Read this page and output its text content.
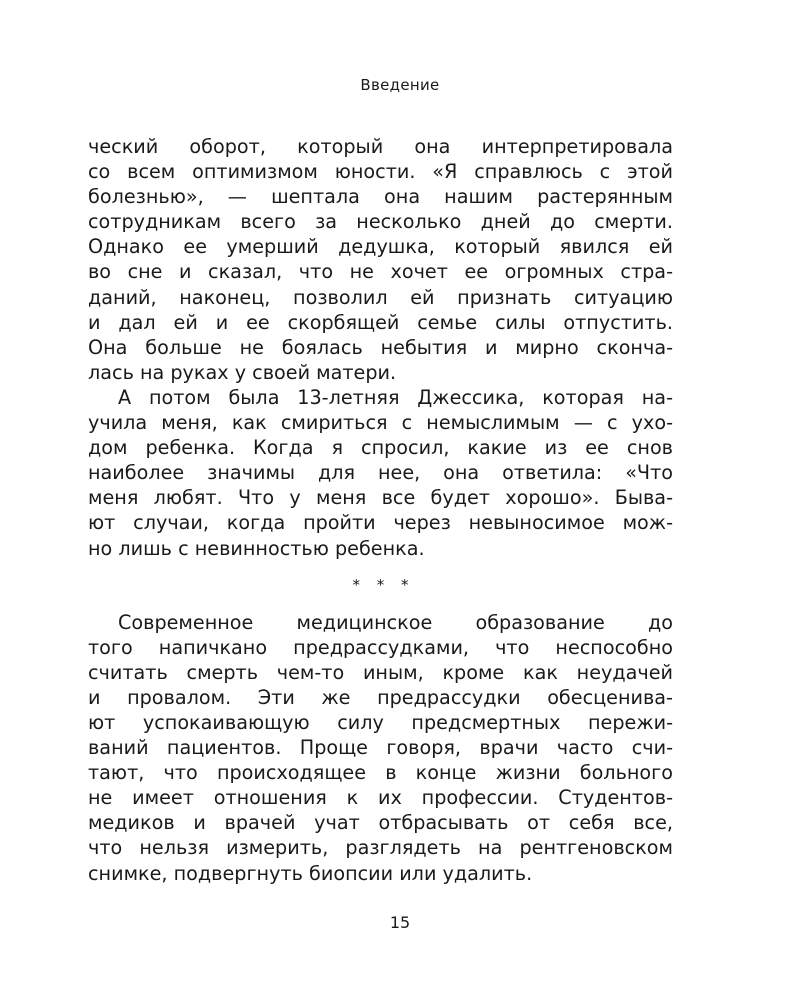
Введение
ческий оборот, который она интерпретировала
со всем оптимизмом юности. «Я справлюсь с этой
болезнью», — шептала она нашим растерянным
сотрудникам всего за несколько дней до смерти.
Однако ее умерший дедушка, который явился ей
во сне и сказал, что не хочет ее огромных стра-
даний, наконец, позволил ей признать ситуацию
и дал ей и ее скорбящей семье силы отпустить.
Она больше не боялась небытия и мирно сконча-
лась на руках у своей матери.
А потом была 13-летняя Джессика, которая на-
учила меня, как смириться с немыслимым — с ухо-
дом ребенка. Когда я спросил, какие из ее снов
наиболее значимы для нее, она ответила: «Что
меня любят. Что у меня все будет хорошо». Быва-
ют случаи, когда пройти через невыносимое мож-
но лишь с невинностью ребенка.
* * *
Современное медицинское образование до
того напичкано предрассудками, что неспособно
считать смерть чем-то иным, кроме как неудачей
и провалом. Эти же предрассудки обесценива-
ют успокаивающую силу предсмертных пережи-
ваний пациентов. Проще говоря, врачи часто счи-
тают, что происходящее в конце жизни больного
не имеет отношения к их профессии. Студентов-
медиков и врачей учат отбрасывать от себя все,
что нельзя измерить, разглядеть на рентгеновском
снимке, подвергнуть биопсии или удалить.
15
